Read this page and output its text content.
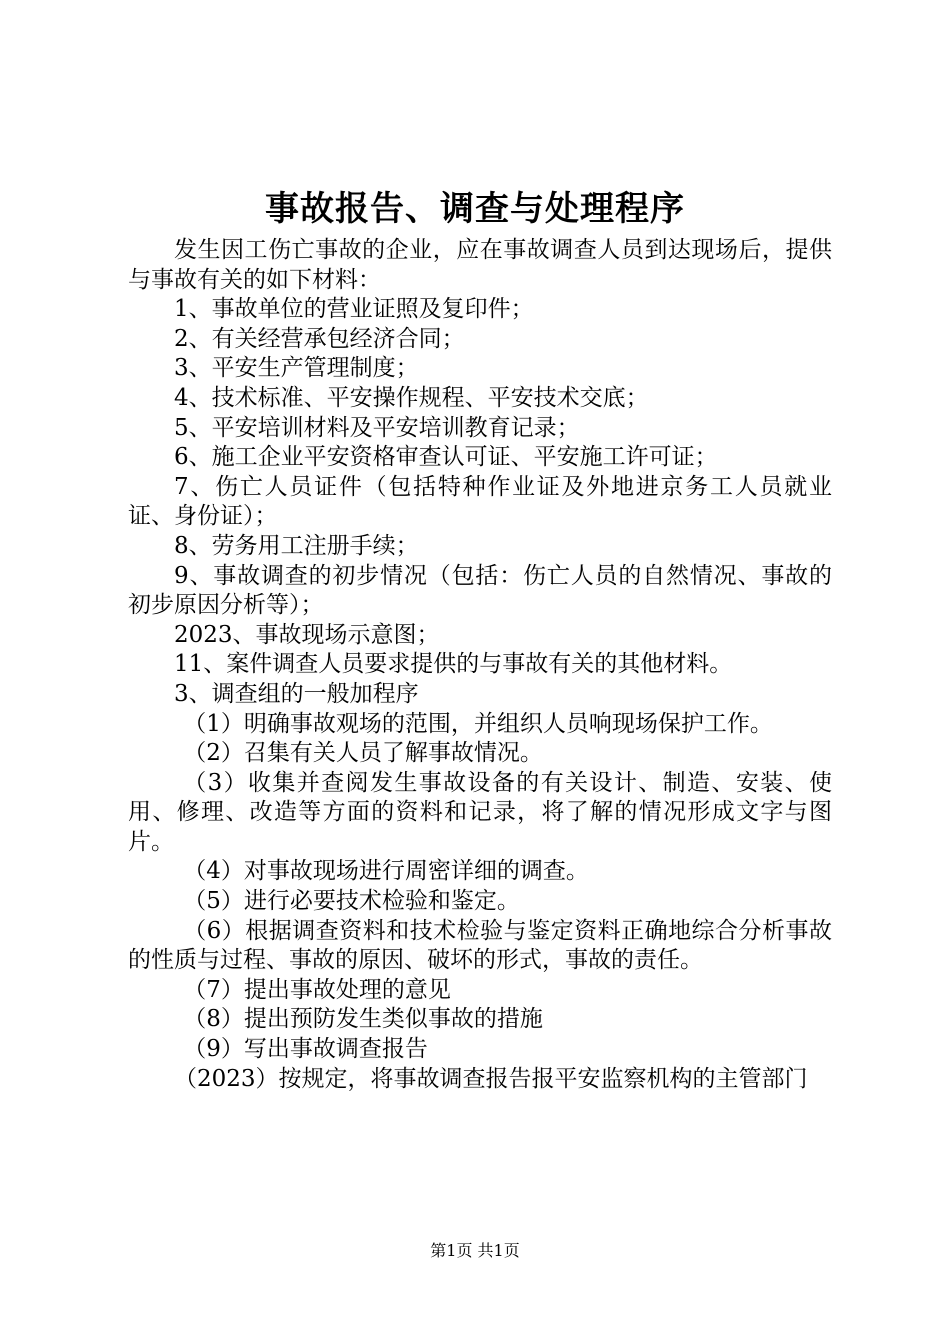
事故报告、调查与处理程序

发生因工伤亡事故的企业，应在事故调查人员到达现场后，提供与事故有关的如下材料：

1、事故单位的营业证照及复印件；

2、有关经营承包经济合同；

3、平安生产管理制度；

4、技术标准、平安操作规程、平安技术交底；

5、平安培训材料及平安培训教育记录；

6、施工企业平安资格审查认可证、平安施工许可证；

7、伤亡人员证件（包括特种作业证及外地进京务工人员就业证、身份证）；

8、劳务用工注册手续；

9、事故调查的初步情况（包括：伤亡人员的自然情况、事故的初步原因分析等）；

2023、事故现场示意图；

11、案件调查人员要求提供的与事故有关的其他材料。

3、调查组的一般加程序

（1）明确事故观场的范围，并组织人员响现场保护工作。

（2）召集有关人员了解事故情况。

（3）收集并查阅发生事故设备的有关设计、制造、安装、使用、修理、改造等方面的资料和记录，将了解的情况形成文字与图片。

（4）对事故现场进行周密详细的调查。

（5）进行必要技术检验和鉴定。

（6）根据调查资料和技术检验与鉴定资料正确地综合分析事故的性质与过程、事故的原因、破坏的形式，事故的责任。

（7）提出事故处理的意见

（8）提出预防发生类似事故的措施

（9）写出事故调查报告

（2023）按规定，将事故调查报告报平安监察机构的主管部门

第1页 共1页
